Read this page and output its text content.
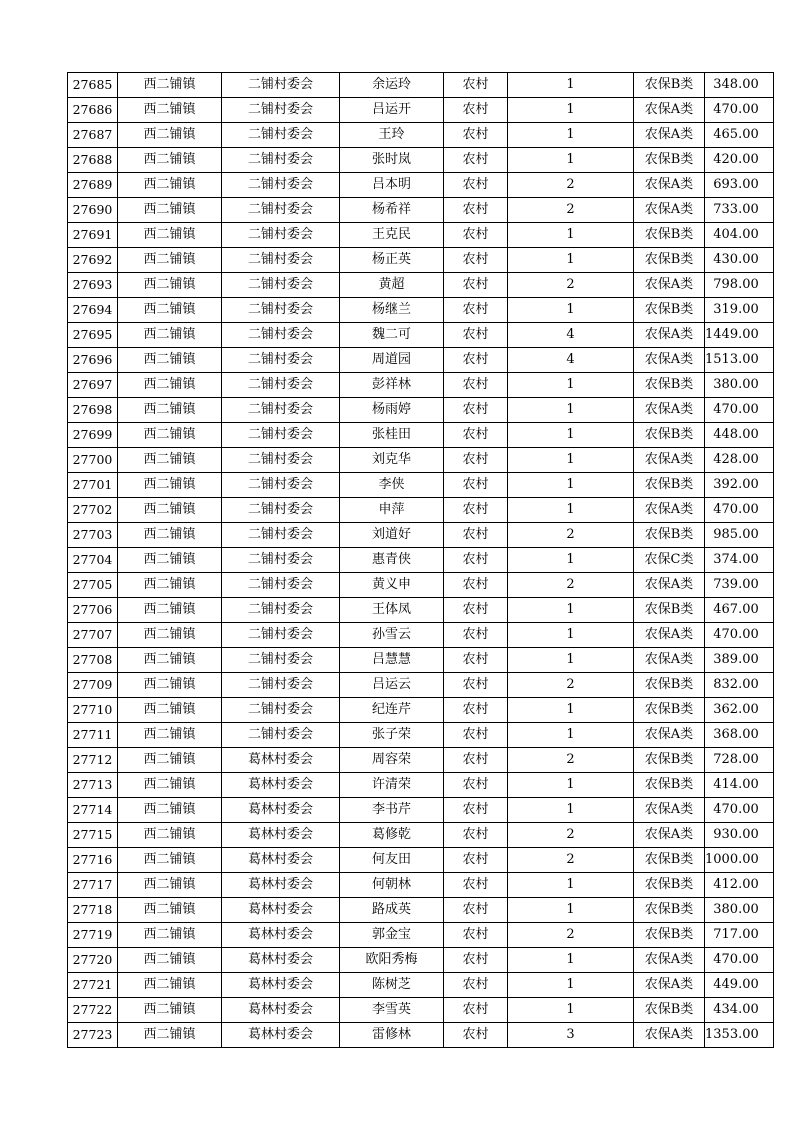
27685	西二铺镇	二铺村委会	余运玲	农村	1	农保B类	348.00
27686	西二铺镇	二铺村委会	吕运开	农村	1	农保A类	470.00
27687	西二铺镇	二铺村委会	王玲	农村	1	农保A类	465.00
27688	西二铺镇	二铺村委会	张时岚	农村	1	农保B类	420.00
27689	西二铺镇	二铺村委会	吕本明	农村	2	农保A类	693.00
27690	西二铺镇	二铺村委会	杨希祥	农村	2	农保A类	733.00
27691	西二铺镇	二铺村委会	王克民	农村	1	农保B类	404.00
27692	西二铺镇	二铺村委会	杨正英	农村	1	农保B类	430.00
27693	西二铺镇	二铺村委会	黄超	农村	2	农保A类	798.00
27694	西二铺镇	二铺村委会	杨继兰	农村	1	农保B类	319.00
27695	西二铺镇	二铺村委会	魏二可	农村	4	农保A类	1449.00
27696	西二铺镇	二铺村委会	周道园	农村	4	农保A类	1513.00
27697	西二铺镇	二铺村委会	彭祥林	农村	1	农保B类	380.00
27698	西二铺镇	二铺村委会	杨雨婷	农村	1	农保A类	470.00
27699	西二铺镇	二铺村委会	张桂田	农村	1	农保B类	448.00
27700	西二铺镇	二铺村委会	刘克华	农村	1	农保A类	428.00
27701	西二铺镇	二铺村委会	李侠	农村	1	农保B类	392.00
27702	西二铺镇	二铺村委会	申萍	农村	1	农保A类	470.00
27703	西二铺镇	二铺村委会	刘道好	农村	2	农保B类	985.00
27704	西二铺镇	二铺村委会	惠青侠	农村	1	农保C类	374.00
27705	西二铺镇	二铺村委会	黄义申	农村	2	农保A类	739.00
27706	西二铺镇	二铺村委会	王体凤	农村	1	农保B类	467.00
27707	西二铺镇	二铺村委会	孙雪云	农村	1	农保A类	470.00
27708	西二铺镇	二铺村委会	吕慧慧	农村	1	农保A类	389.00
27709	西二铺镇	二铺村委会	吕运云	农村	2	农保B类	832.00
27710	西二铺镇	二铺村委会	纪连芹	农村	1	农保B类	362.00
27711	西二铺镇	二铺村委会	张子荣	农村	1	农保A类	368.00
27712	西二铺镇	葛林村委会	周容荣	农村	2	农保B类	728.00
27713	西二铺镇	葛林村委会	许清荣	农村	1	农保B类	414.00
27714	西二铺镇	葛林村委会	李书芹	农村	1	农保A类	470.00
27715	西二铺镇	葛林村委会	葛修乾	农村	2	农保A类	930.00
27716	西二铺镇	葛林村委会	何友田	农村	2	农保B类	1000.00
27717	西二铺镇	葛林村委会	何朝林	农村	1	农保B类	412.00
27718	西二铺镇	葛林村委会	路成英	农村	1	农保B类	380.00
27719	西二铺镇	葛林村委会	郭金宝	农村	2	农保B类	717.00
27720	西二铺镇	葛林村委会	欧阳秀梅	农村	1	农保A类	470.00
27721	西二铺镇	葛林村委会	陈树芝	农村	1	农保A类	449.00
27722	西二铺镇	葛林村委会	李雪英	农村	1	农保B类	434.00
27723	西二铺镇	葛林村委会	雷修林	农村	3	农保A类	1353.00
